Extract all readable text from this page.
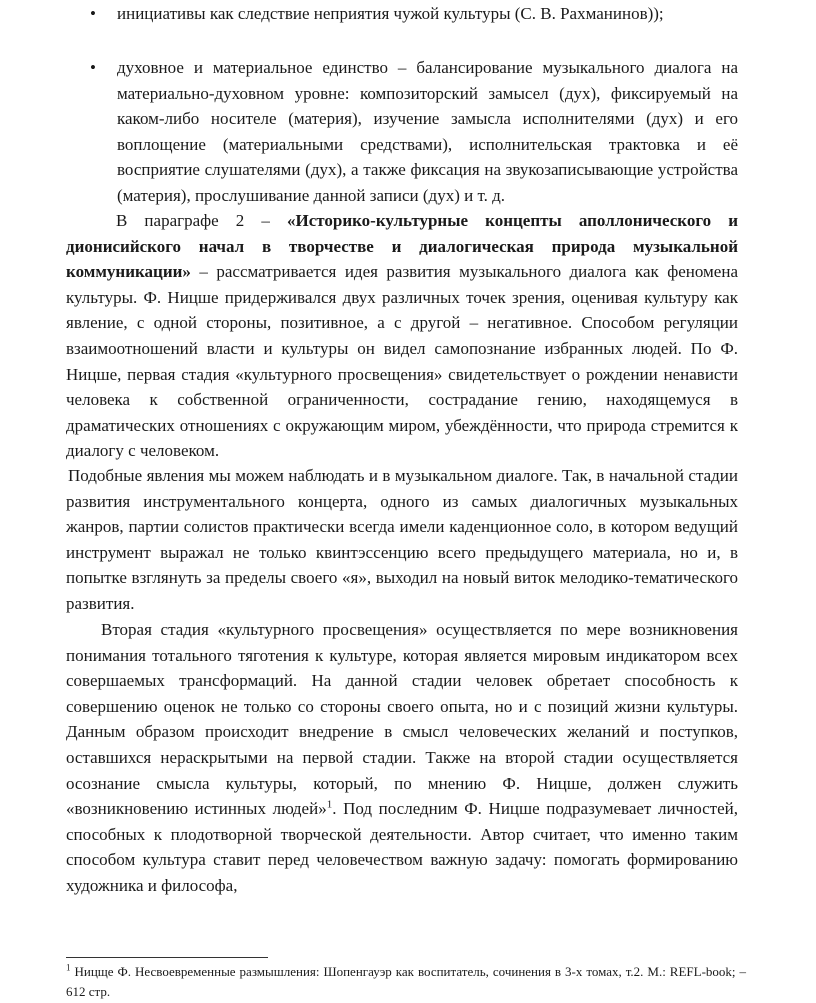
• инициативы как следствие неприятия чужой культуры (С. В. Рахманинов));
• духовное и материальное единство – балансирование музыкального диалога на материально-духовном уровне: композиторский замысел (дух), фиксируемый на каком-либо носителе (материя), изучение замысла исполнителями (дух) и его воплощение (материальными средствами), исполнительская трактовка и её восприятие слушателями (дух), а также фиксация на звукозаписывающие устройства (материя), прослушивание данной записи (дух) и т. д.

В параграфе 2 – «Историко-культурные концепты аполлонического и дионисийского начал в творчестве и диалогическая природа музыкальной коммуникации» – рассматривается идея развития музыкального диалога как феномена культуры. Ф. Ницше придерживался двух различных точек зрения, оценивая культуру как явление, с одной стороны, позитивное, а с другой – негативное. Способом регуляции взаимоотношений власти и культуры он видел самопознание избранных людей. По Ф. Ницше, первая стадия «культурного просвещения» свидетельствует о рождении ненависти человека к собственной ограниченности, сострадание гению, находящемуся в драматических отношениях с окружающим миром, убеждённости, что природа стремится к диалогу с человеком.

Подобные явления мы можем наблюдать и в музыкальном диалоге. Так, в начальной стадии развития инструментального концерта, одного из самых диалогичных музыкальных жанров, партии солистов практически всегда имели каденционное соло, в котором ведущий инструмент выражал не только квинтэссенцию всего предыдущего материала, но и, в попытке взглянуть за пределы своего «я», выходил на новый виток мелодико-тематического развития.

Вторая стадия «культурного просвещения» осуществляется по мере возникновения понимания тотального тяготения к культуре, которая является мировым индикатором всех совершаемых трансформаций. На данной стадии человек обретает способность к совершению оценок не только со стороны своего опыта, но и с позиций жизни культуры. Данным образом происходит внедрение в смысл человеческих желаний и поступков, оставшихся нераскрытыми на первой стадии. Также на второй стадии осуществляется осознание смысла культуры, который, по мнению Ф. Ницше, должен служить «возникновению истинных людей»$^1$. Под последним Ф. Ницше подразумевает личностей, способных к плодотворной творческой деятельности. Автор считает, что именно таким способом культура ставит перед человечеством важную задачу: помогать формированию художника и философа,

$^1$ Ницще Ф. Несвоевременные размышления: Шопенгауэр как воспитатель, сочинения в 3-х томах, т.2. М.: REFL-book; – 612 стр.
